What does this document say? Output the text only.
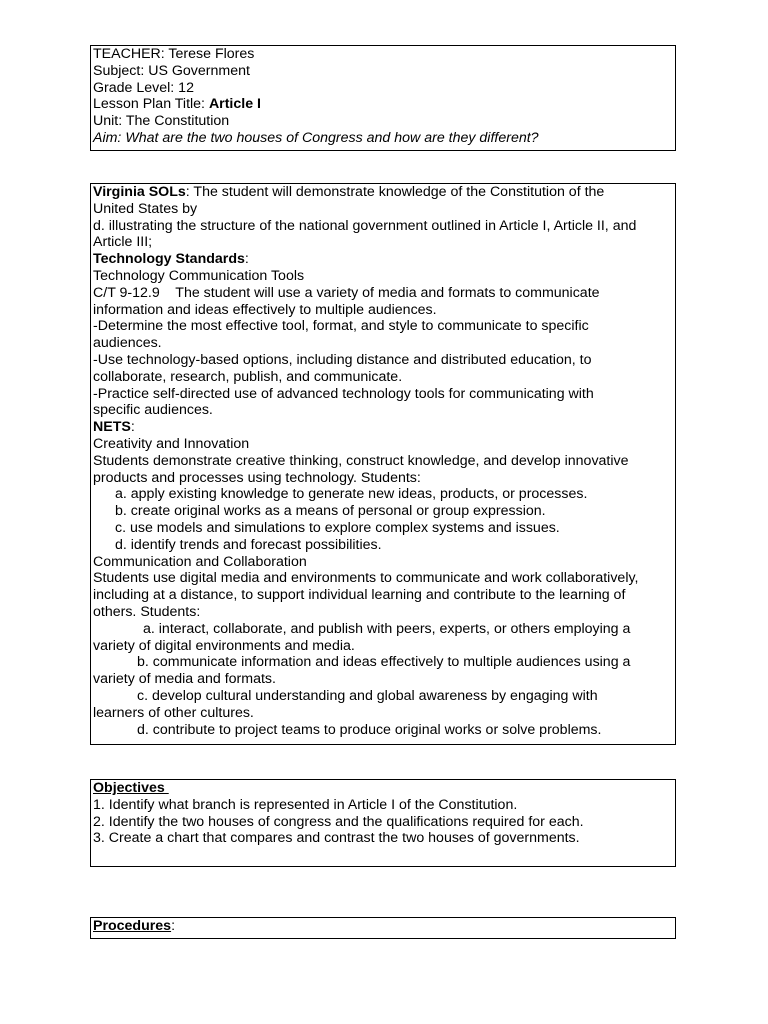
TEACHER: Terese Flores
Subject: US Government
Grade Level: 12
Lesson Plan Title: Article I
Unit: The Constitution
Aim: What are the two houses of Congress and how are they different?
Virginia SOLs: The student will demonstrate knowledge of the Constitution of the
United States by
d. illustrating the structure of the national government outlined in Article I, Article II, and
Article III;
Technology Standards:
Technology Communication Tools
C/T 9-12.9    The student will use a variety of media and formats to communicate
information and ideas effectively to multiple audiences.
-Determine the most effective tool, format, and style to communicate to specific
audiences.
-Use technology-based options, including distance and distributed education, to
collaborate, research, publish, and communicate.
-Practice self-directed use of advanced technology tools for communicating with
specific audiences.
NETS:
Creativity and Innovation
Students demonstrate creative thinking, construct knowledge, and develop innovative
products and processes using technology. Students:
a. apply existing knowledge to generate new ideas, products, or processes.
b. create original works as a means of personal or group expression.
c. use models and simulations to explore complex systems and issues.
d. identify trends and forecast possibilities.
Communication and Collaboration
Students use digital media and environments to communicate and work collaboratively,
including at a distance, to support individual learning and contribute to the learning of
others. Students:
a. interact, collaborate, and publish with peers, experts, or others employing a
variety of digital environments and media.
b. communicate information and ideas effectively to multiple audiences using a
variety of media and formats.
c. develop cultural understanding and global awareness by engaging with
learners of other cultures.
d. contribute to project teams to produce original works or solve problems.
Objectives
1. Identify what branch is represented in Article I of the Constitution.
2. Identify the two houses of congress and the qualifications required for each.
3. Create a chart that compares and contrast the two houses of governments.
Procedures:
